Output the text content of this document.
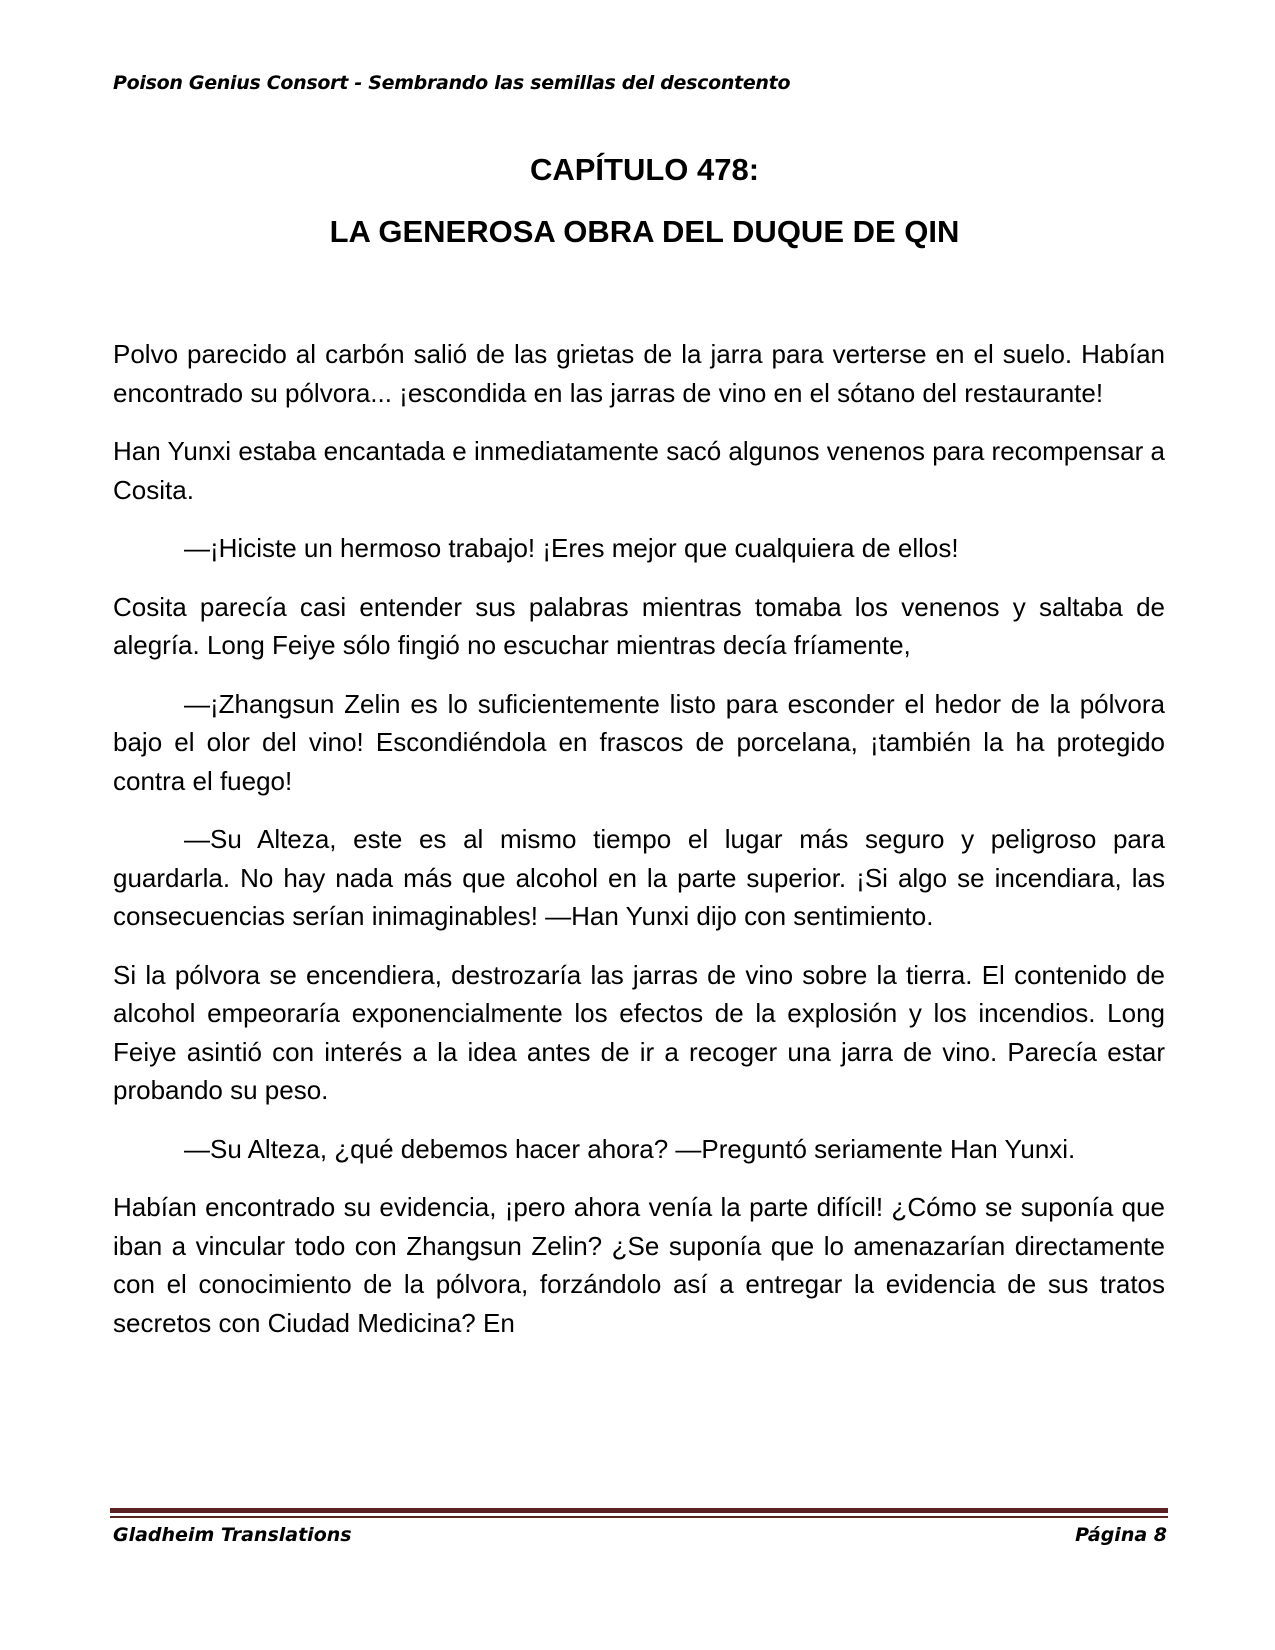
Poison Genius Consort - Sembrando las semillas del descontento
CAPÍTULO 478:
LA GENEROSA OBRA DEL DUQUE DE QIN

Polvo parecido al carbón salió de las grietas de la jarra para verterse en el suelo. Habían encontrado su pólvora... ¡escondida en las jarras de vino en el sótano del restaurante!

Han Yunxi estaba encantada e inmediatamente sacó algunos venenos para recompensar a Cosita.

—¡Hiciste un hermoso trabajo! ¡Eres mejor que cualquiera de ellos!

Cosita parecía casi entender sus palabras mientras tomaba los venenos y saltaba de alegría. Long Feiye sólo fingió no escuchar mientras decía fríamente,

—¡Zhangsun Zelin es lo suficientemente listo para esconder el hedor de la pólvora bajo el olor del vino! Escondiéndola en frascos de porcelana, ¡también la ha protegido contra el fuego!

—Su Alteza, este es al mismo tiempo el lugar más seguro y peligroso para guardarla. No hay nada más que alcohol en la parte superior. ¡Si algo se incendiara, las consecuencias serían inimaginables! —Han Yunxi dijo con sentimiento.

Si la pólvora se encendiera, destrozaría las jarras de vino sobre la tierra. El contenido de alcohol empeoraría exponencialmente los efectos de la explosión y los incendios. Long Feiye asintió con interés a la idea antes de ir a recoger una jarra de vino. Parecía estar probando su peso.

—Su Alteza, ¿qué debemos hacer ahora? —Preguntó seriamente Han Yunxi.

Habían encontrado su evidencia, ¡pero ahora venía la parte difícil! ¿Cómo se suponía que iban a vincular todo con Zhangsun Zelin? ¿Se suponía que lo amenazarían directamente con el conocimiento de la pólvora, forzándolo así a entregar la evidencia de sus tratos secretos con Ciudad Medicina? En

Gladheim Translations	Página 8
